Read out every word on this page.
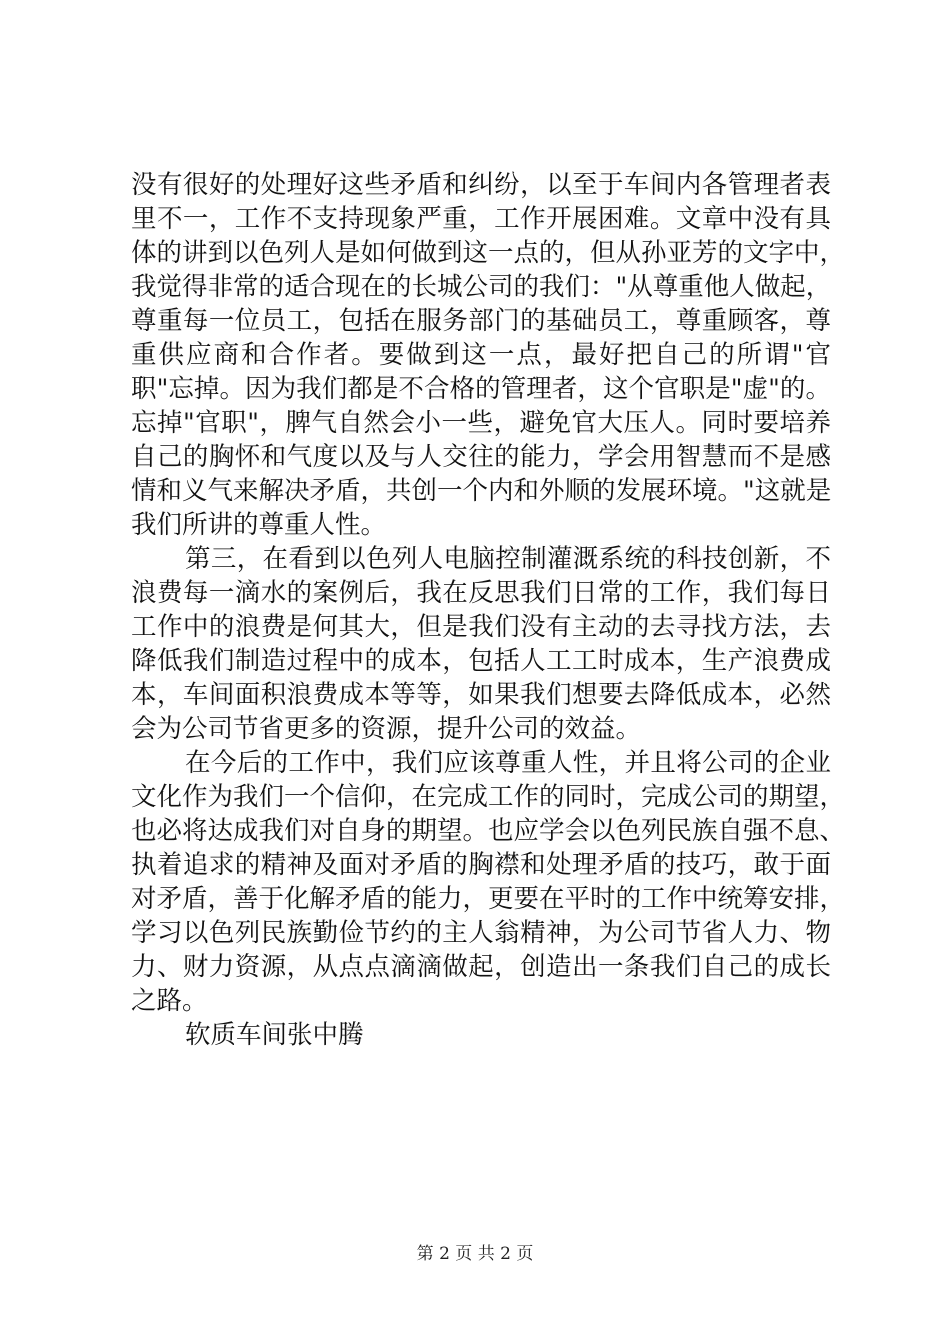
没有很好的处理好这些矛盾和纠纷，以至于车间内各管理者表
里不一，工作不支持现象严重，工作开展困难。文章中没有具
体的讲到以色列人是如何做到这一点的，但从孙亚芳的文字中，
我觉得非常的适合现在的长城公司的我们："从尊重他人做起，
尊重每一位员工，包括在服务部门的基础员工，尊重顾客，尊
重供应商和合作者。要做到这一点，最好把自己的所谓"官
职"忘掉。因为我们都是不合格的管理者，这个官职是"虚"的。
忘掉"官职"，脾气自然会小一些，避免官大压人。同时要培养
自己的胸怀和气度以及与人交往的能力，学会用智慧而不是感
情和义气来解决矛盾，共创一个内和外顺的发展环境。"这就是
我们所讲的尊重人性。
第三，在看到以色列人电脑控制灌溉系统的科技创新，不
浪费每一滴水的案例后，我在反思我们日常的工作，我们每日
工作中的浪费是何其大，但是我们没有主动的去寻找方法，去
降低我们制造过程中的成本，包括人工工时成本，生产浪费成
本，车间面积浪费成本等等，如果我们想要去降低成本，必然
会为公司节省更多的资源，提升公司的效益。
在今后的工作中，我们应该尊重人性，并且将公司的企业
文化作为我们一个信仰，在完成工作的同时，完成公司的期望，
也必将达成我们对自身的期望。也应学会以色列民族自强不息、
执着追求的精神及面对矛盾的胸襟和处理矛盾的技巧，敢于面
对矛盾，善于化解矛盾的能力，更要在平时的工作中统筹安排，
学习以色列民族勤俭节约的主人翁精神，为公司节省人力、物
力、财力资源，从点点滴滴做起，创造出一条我们自己的成长
之路。
软质车间张中腾
第 2 页 共 2 页
